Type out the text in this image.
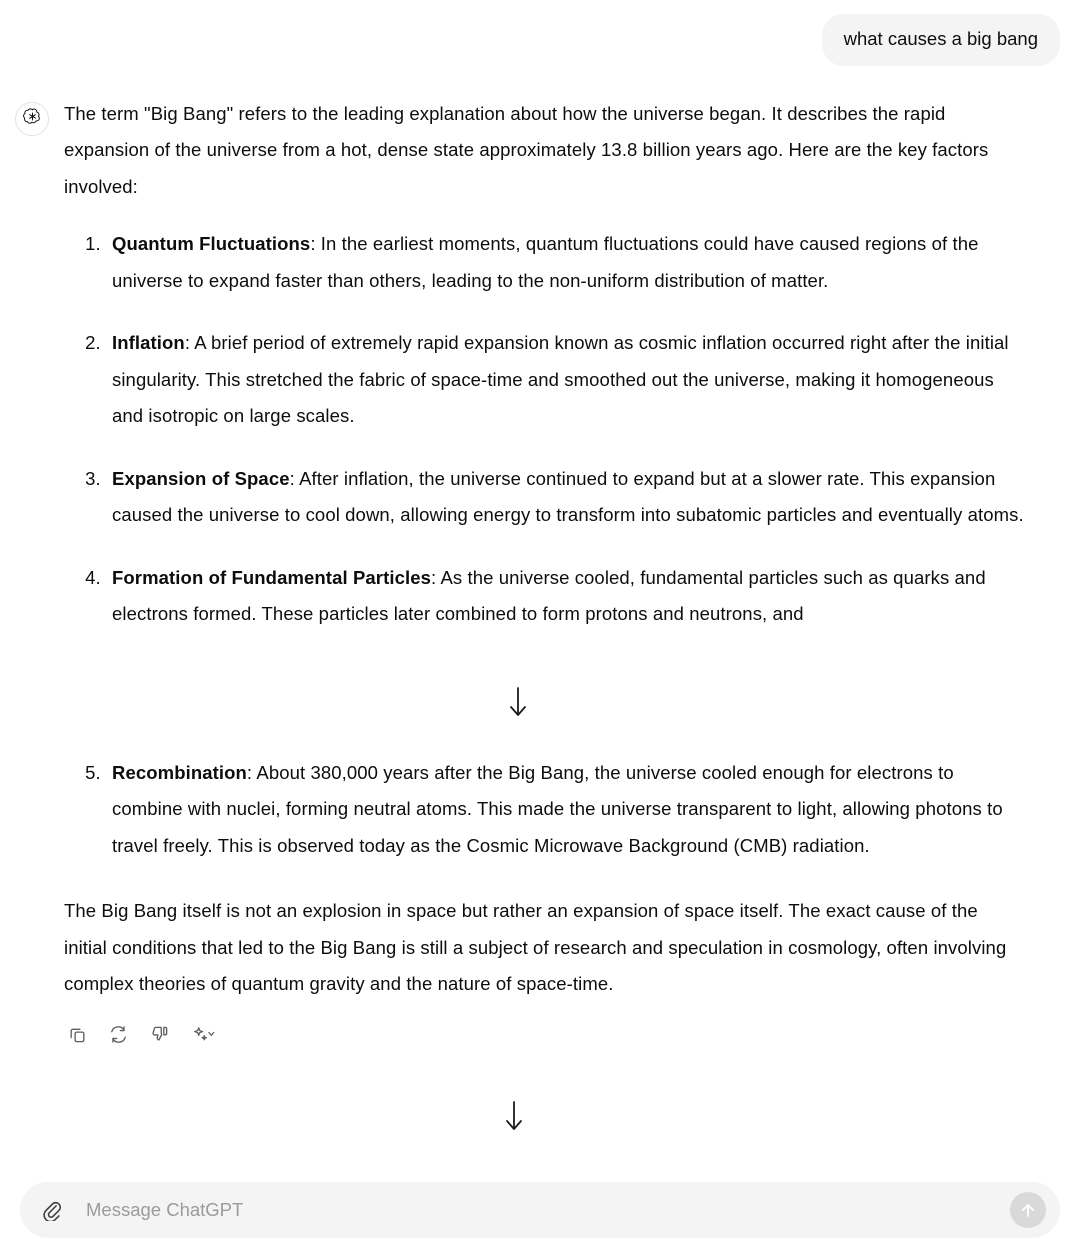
what causes a big bang

The term "Big Bang" refers to the leading explanation about how the universe began. It describes the rapid expansion of the universe from a hot, dense state approximately 13.8 billion years ago. Here are the key factors involved:

1. Quantum Fluctuations: In the earliest moments, quantum fluctuations could have caused regions of the universe to expand faster than others, leading to the non-uniform distribution of matter.
2. Inflation: A brief period of extremely rapid expansion known as cosmic inflation occurred right after the initial singularity. This stretched the fabric of space-time and smoothed out the universe, making it homogeneous and isotropic on large scales.
3. Expansion of Space: After inflation, the universe continued to expand but at a slower rate. This expansion caused the universe to cool down, allowing energy to transform into subatomic particles and eventually atoms.
4. Formation of Fundamental Particles: As the universe cooled, fundamental particles such as quarks and electrons formed. These particles later combined to form protons and neutrons, and
5. Recombination: About 380,000 years after the Big Bang, the universe cooled enough for electrons to combine with nuclei, forming neutral atoms. This made the universe transparent to light, allowing photons to travel freely. This is observed today as the Cosmic Microwave Background (CMB) radiation.

The Big Bang itself is not an explosion in space but rather an expansion of space itself. The exact cause of the initial conditions that led to the Big Bang is still a subject of research and speculation in cosmology, often involving complex theories of quantum gravity and the nature of space-time.

Message ChatGPT
